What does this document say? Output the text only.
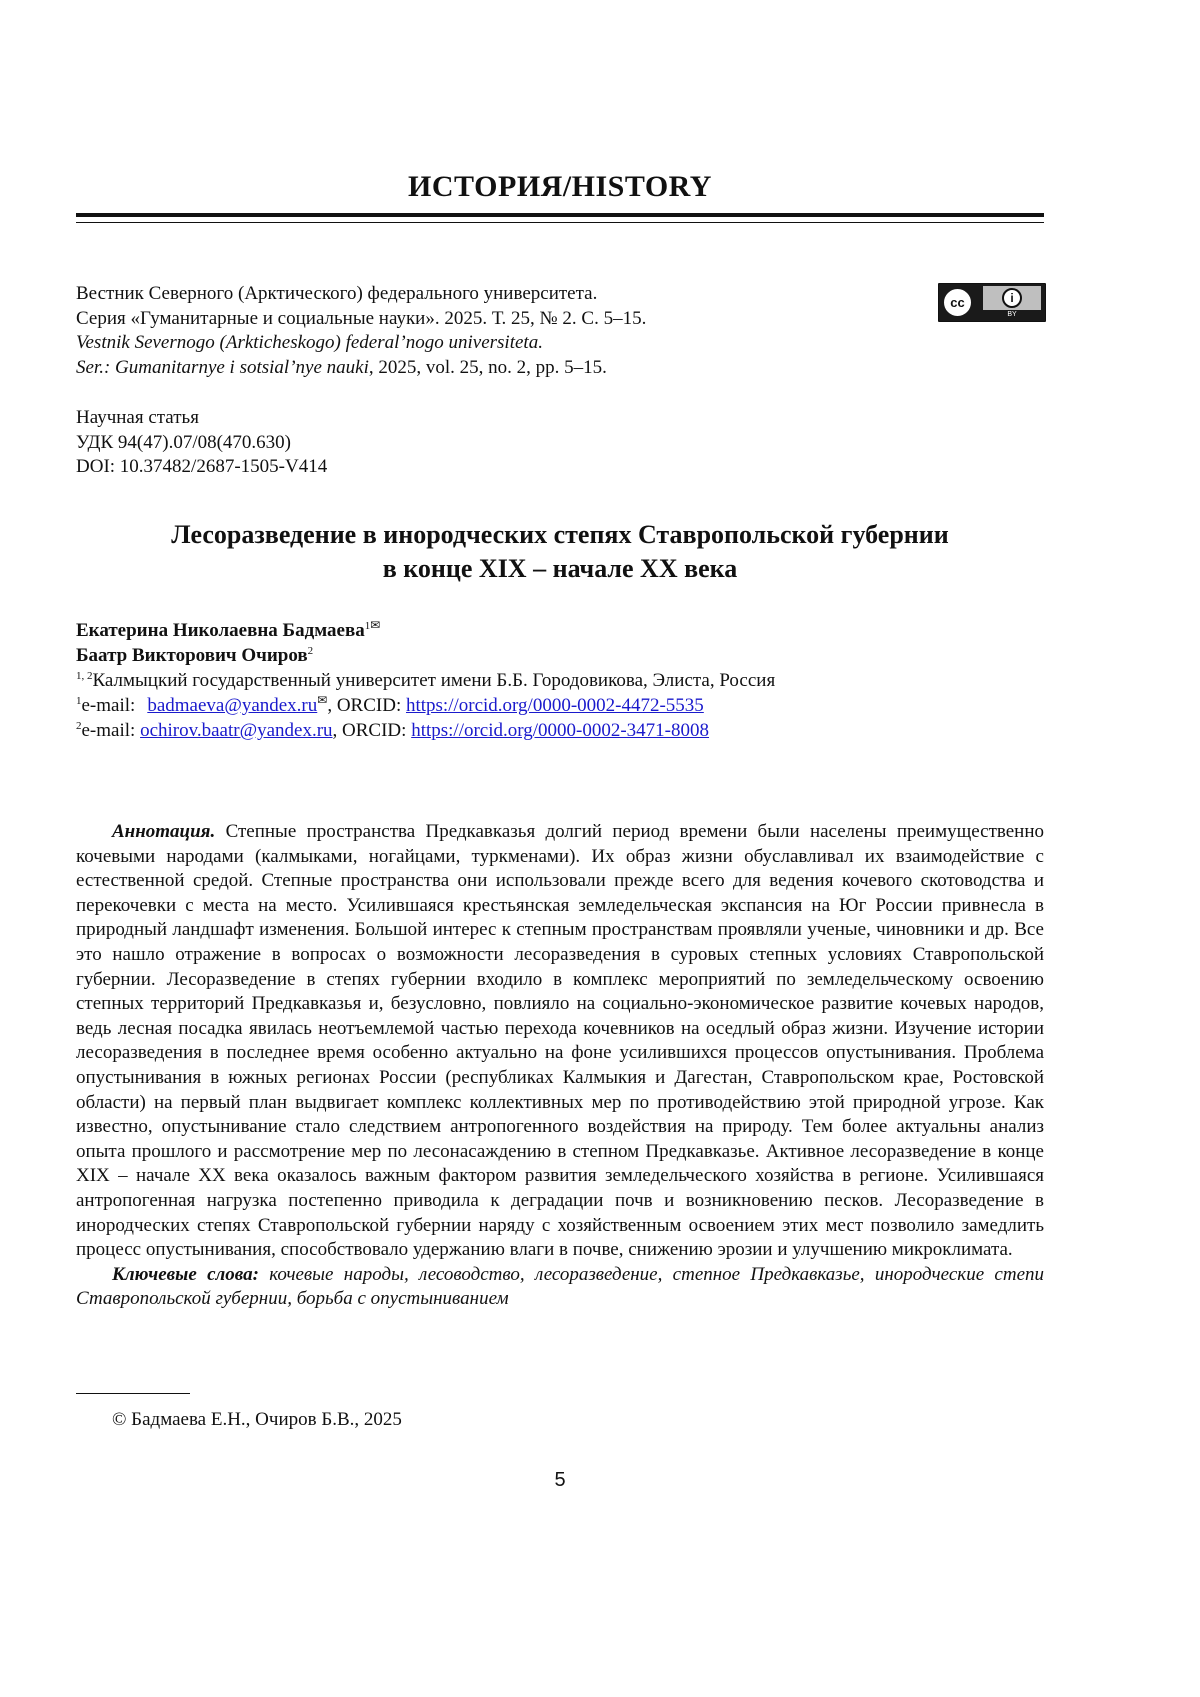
ИСТОРИЯ/HISTORY
Вестник Северного (Арктического) федерального университета.
Серия «Гуманитарные и социальные науки». 2025. Т. 25, № 2. С. 5–15.
Vestnik Severnogo (Arkticheskogo) federal’nogo universiteta.
Ser.: Gumanitarnye i sotsial’nye nauki, 2025, vol. 25, no. 2, pp. 5–15.
cc	i
BY
Научная статья
УДК 94(47).07/08(470.630)
DOI: 10.37482/2687-1505-V414
Лесоразведение в инородческих степях Ставропольской губернии
в конце XIX – начале XX века
Екатерина Николаевна Бадмаева1✉
Баатр Викторович Очиров2
1, 2Калмыцкий государственный университет имени Б.Б. Городовикова, Элиста, Россия
1e-mail: badmaeva@yandex.ru✉, ORCID: https://orcid.org/0000-0002-4472-5535
2e-mail: ochirov.baatr@yandex.ru, ORCID: https://orcid.org/0000-0002-3471-8008

Аннотация. Степные пространства Предкавказья долгий период времени были населены преимущественно кочевыми народами (калмыками, ногайцами, туркменами). Их образ жизни обуславливал их взаимодействие с естественной средой. Степные пространства они использовали прежде всего для ведения кочевого скотоводства и перекочевки с места на место. Усилившаяся крестьянская земледельческая экспансия на Юг России привнесла в природный ландшафт изменения. Большой интерес к степным пространствам проявляли ученые, чиновники и др. Все это нашло отражение в вопросах о возможности лесоразведения в суровых степных условиях Ставропольской губернии. Лесоразведение в степях губернии входило в комплекс мероприятий по земледельческому освоению степных территорий Предкавказья и, безусловно, повлияло на социально-экономическое развитие кочевых народов, ведь лесная посадка явилась неотъемлемой частью перехода кочевников на оседлый образ жизни. Изучение истории лесоразведения в последнее время особенно актуально на фоне усилившихся процессов опустынивания. Проблема опустынивания в южных регионах России (республиках Калмыкия и Дагестан, Ставропольском крае, Ростовской области) на первый план выдвигает комплекс коллективных мер по противодействию этой природной угрозе. Как известно, опустынивание стало следствием антропогенного воздействия на природу. Тем более актуальны анализ опыта прошлого и рассмотрение мер по лесонасаждению в степном Предкавказье. Активное лесоразведение в конце XIX – начале XX века оказалось важным фактором развития земледельческого хозяйства в регионе. Усилившаяся антропогенная нагрузка постепенно приводила к деградации почв и возникновению песков. Лесоразведение в инородческих степях Ставропольской губернии наряду с хозяйственным освоением этих мест позволило замедлить процесс опустынивания, способствовало удержанию влаги в почве, снижению эрозии и улучшению микроклимата.

Ключевые слова: кочевые народы, лесоводство, лесоразведение, степное Предкавказье, инородческие степи Ставропольской губернии, борьба с опустыниванием

© Бадмаева Е.Н., Очиров Б.В., 2025
5
